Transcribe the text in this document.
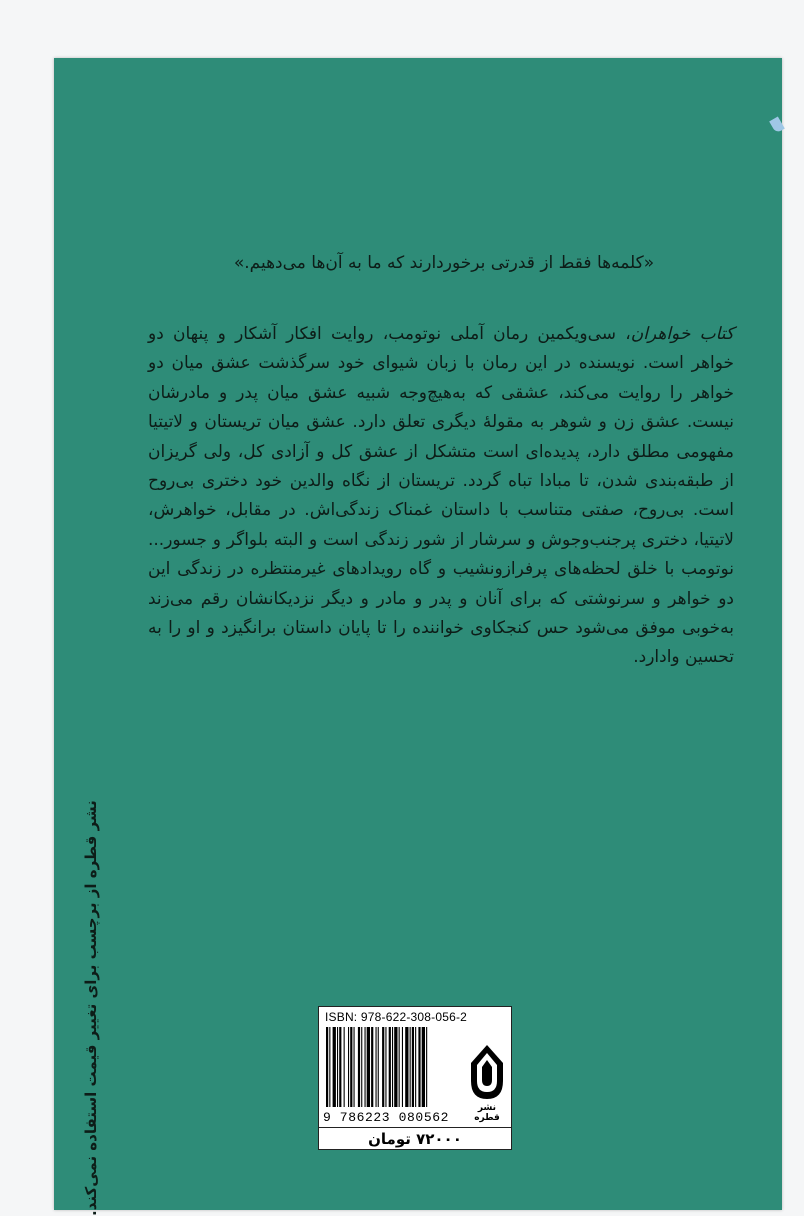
«کلمه‌ها فقط از قدرتی برخوردارند که ما به آن‌ها می‌دهیم.»

کتاب خواهران، سی‌ویکمین رمان آملی نوتومب، روایت افکار آشکار و پنهان دو خواهر است. نویسنده در این رمان با زبان شیوای خود سرگذشت عشق میان دو خواهر را روایت می‌کند، عشقی که به‌هیچ‌وجه شبیه عشق میان پدر و مادرشان نیست. عشق زن و شوهر به مقولهٔ دیگری تعلق دارد. عشق میان تریستان و لاتیتیا مفهومی مطلق دارد، پدیده‌ای است متشکل از عشق کل و آزادی کل، ولی گریزان از طبقه‌بندی شدن، تا مبادا تباه گردد. تریستان از نگاه والدین خود دختری بی‌روح است. بی‌روح، صفتی متناسب با داستان غمناک زندگی‌اش. در مقابل، خواهرش، لاتیتیا، دختری پرجنب‌وجوش و سرشار از شور زندگی است و البته بلواگر و جسور... نوتومب با خلق لحظه‌های پرفرازونشیب و گاه رویدادهای غیرمنتظره در زندگی این دو خواهر و سرنوشتی که برای آنان و پدر و مادر و دیگر نزدیکانشان رقم می‌زند به‌خوبی موفق می‌شود حس کنجکاوی خواننده را تا پایان داستان برانگیزد و او را به تحسین وادارد.

نشر قطره از برچسب برای تغییر قیمت استفاده نمی‌کند.	ISBN: 978-622-308-056-2
9 786223 080562
نشر قطره
۷۲۰۰۰ تومان
